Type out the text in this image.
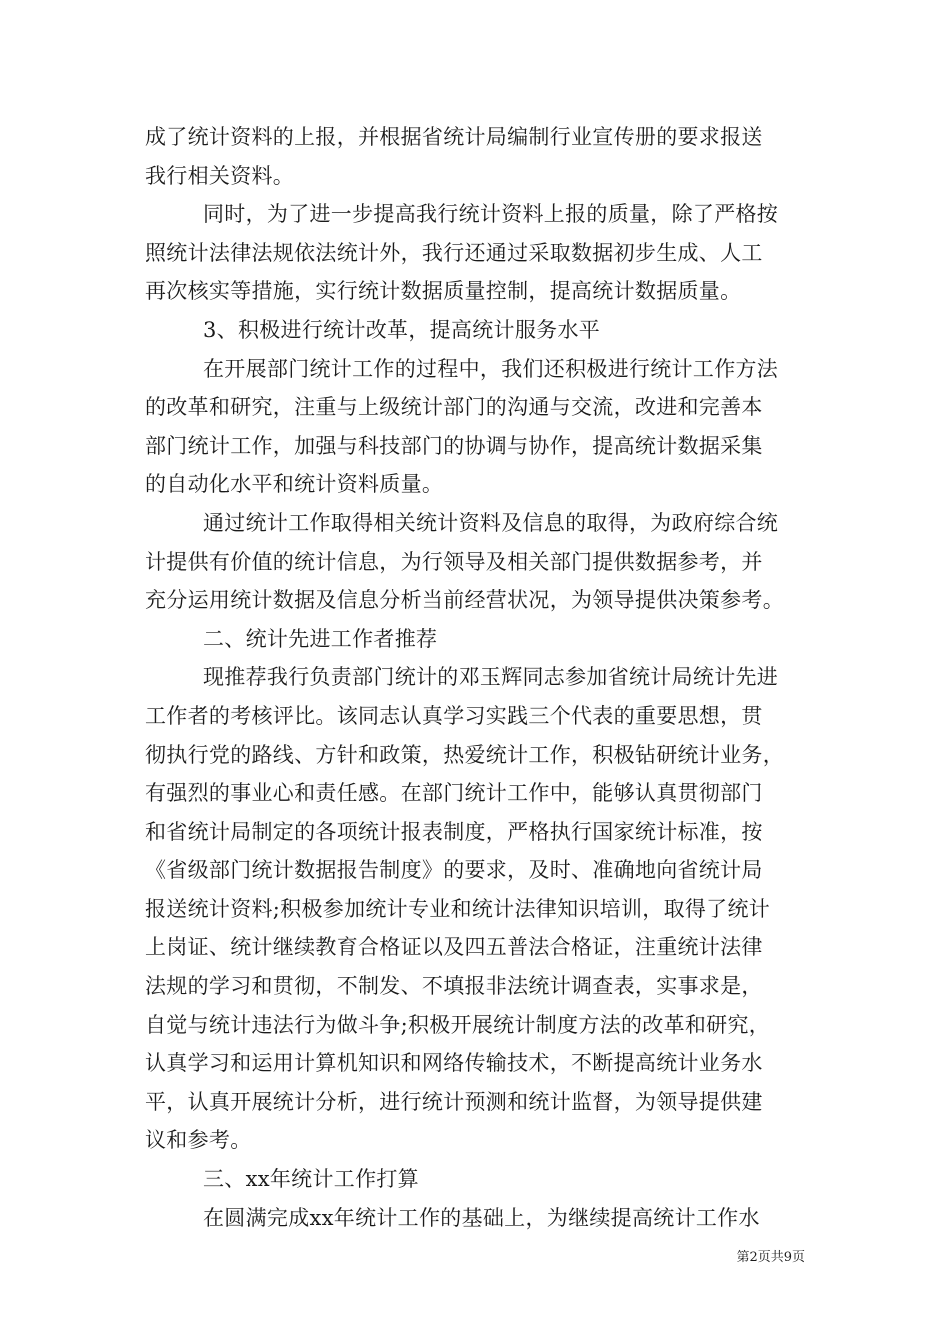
成了统计资料的上报，并根据省统计局编制行业宣传册的要求报送
我行相关资料。
同时，为了进一步提高我行统计资料上报的质量，除了严格按
照统计法律法规依法统计外，我行还通过采取数据初步生成、人工
再次核实等措施，实行统计数据质量控制，提高统计数据质量。
3、积极进行统计改革，提高统计服务水平
在开展部门统计工作的过程中，我们还积极进行统计工作方法
的改革和研究，注重与上级统计部门的沟通与交流，改进和完善本
部门统计工作，加强与科技部门的协调与协作，提高统计数据采集
的自动化水平和统计资料质量。
通过统计工作取得相关统计资料及信息的取得，为政府综合统
计提供有价值的统计信息，为行领导及相关部门提供数据参考，并
充分运用统计数据及信息分析当前经营状况，为领导提供决策参考。
二、统计先进工作者推荐
现推荐我行负责部门统计的邓玉辉同志参加省统计局统计先进
工作者的考核评比。该同志认真学习实践三个代表的重要思想，贯
彻执行党的路线、方针和政策，热爱统计工作，积极钻研统计业务，
有强烈的事业心和责任感。在部门统计工作中，能够认真贯彻部门
和省统计局制定的各项统计报表制度，严格执行国家统计标准，按
《省级部门统计数据报告制度》的要求，及时、准确地向省统计局
报送统计资料;积极参加统计专业和统计法律知识培训，取得了统计
上岗证、统计继续教育合格证以及四五普法合格证，注重统计法律
法规的学习和贯彻，不制发、不填报非法统计调查表，实事求是，
自觉与统计违法行为做斗争;积极开展统计制度方法的改革和研究，
认真学习和运用计算机知识和网络传输技术，不断提高统计业务水
平，认真开展统计分析，进行统计预测和统计监督，为领导提供建
议和参考。
三、xx年统计工作打算
在圆满完成xx年统计工作的基础上，为继续提高统计工作水
第2页共9页
